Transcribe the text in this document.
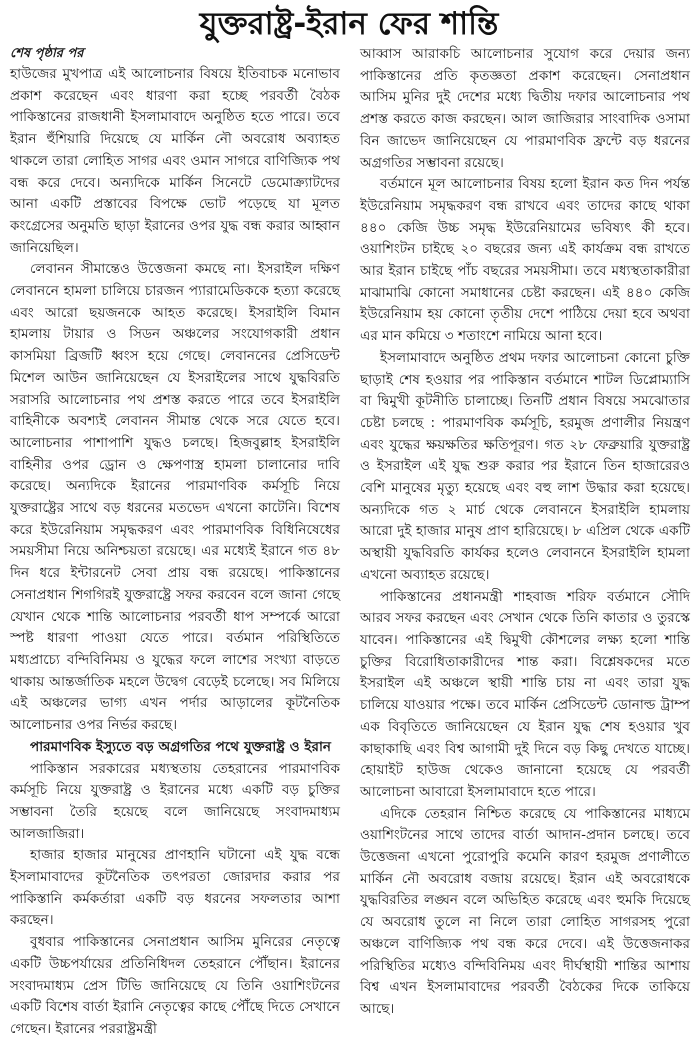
যুক্তরাষ্ট্র-ইরান ফের শান্তি
শেষ পৃষ্ঠার পর

হাউজের মুখপাত্র এই আলোচনার বিষয়ে ইতিবাচক মনোভাব প্রকাশ করেছেন এবং ধারণা করা হচ্ছে পরবর্তী বৈঠক পাকিস্তানের রাজধানী ইসলামাবাদে অনুষ্ঠিত হতে পারে। তবে ইরান হুঁশিয়ারি দিয়েছে যে মার্কিন নৌ অবরোধ অব্যাহত থাকলে তারা লোহিত সাগর এবং ওমান সাগরে বাণিজ্যিক পথ বন্ধ করে দেবে। অন্যদিকে মার্কিন সিনেটে ডেমোক্র্যাটদের আনা একটি প্রস্তাবের বিপক্ষে ভোট পড়েছে যা মূলত কংগ্রেসের অনুমতি ছাড়া ইরানের ওপর যুদ্ধ বন্ধ করার আহ্বান জানিয়েছিল।

লেবানন সীমান্তেও উত্তেজনা কমছে না। ইসরাইল দক্ষিণ লেবাননে হামলা চালিয়ে চারজন প্যারামেডিককে হত্যা করেছে এবং আরো ছয়জনকে আহত করেছে। ইসরাইলি বিমান হামলায় টায়ার ও সিডন অঞ্চলের সংযোগকারী প্রধান কাসমিয়া ব্রিজটি ধ্বংস হয়ে গেছে। লেবাননের প্রেসিডেন্ট মিশেল আউন জানিয়েছেন যে ইসরাইলের সাথে যুদ্ধবিরতি সরাসরি আলোচনার পথ প্রশস্ত করতে পারে তবে ইসরাইলি বাহিনীকে অবশ্যই লেবানন সীমান্ত থেকে সরে যেতে হবে। আলোচনার পাশাপাশি যুদ্ধও চলছে। হিজবুল্লাহ ইসরাইলি বাহিনীর ওপর ড্রোন ও ক্ষেপণাস্ত্র হামলা চালানোর দাবি করেছে। অন্যদিকে ইরানের পারমাণবিক কর্মসূচি নিয়ে যুক্তরাষ্ট্রের সাথে বড় ধরনের মতভেদ এখনো কাটেনি। বিশেষ করে ইউরেনিয়াম সমৃদ্ধকরণ এবং পারমাণবিক বিধিনিষেধের সময়সীমা নিয়ে অনিশ্চয়তা রয়েছে। এর মধ্যেই ইরানে গত ৪৮ দিন ধরে ইন্টারনেট সেবা প্রায় বন্ধ রয়েছে। পাকিস্তানের সেনাপ্রধান শিগগিরই যুক্তরাষ্ট্রে সফর করবেন বলে জানা গেছে যেখান থেকে শান্তি আলোচনার পরবর্তী ধাপ সম্পর্কে আরো স্পষ্ট ধারণা পাওয়া যেতে পারে। বর্তমান পরিস্থিতিতে মধ্যপ্রাচ্যে বন্দিবিনিময় ও যুদ্ধের ফলে লাশের সংখ্যা বাড়তে থাকায় আন্তর্জাতিক মহলে উদ্বেগ বেড়েই চলেছে। সব মিলিয়ে এই অঞ্চলের ভাগ্য এখন পর্দার আড়ালের কূটনৈতিক আলোচনার ওপর নির্ভর করছে।

পারমাণবিক ইস্যুতে বড় অগ্রগতির পথে যুক্তরাষ্ট্র ও ইরান

পাকিস্তান সরকারের মধ্যস্থতায় তেহরানের পারমাণবিক কর্মসূচি নিয়ে যুক্তরাষ্ট্র ও ইরানের মধ্যে একটি বড় চুক্তির সম্ভাবনা তৈরি হয়েছে বলে জানিয়েছে সংবাদমাধ্যম আলজাজিরা।

হাজার হাজার মানুষের প্রাণহানি ঘটানো এই যুদ্ধ বন্ধে ইসলামাবাদের কূটনৈতিক তৎপরতা জোরদার করার পর পাকিস্তানি কর্মকর্তারা একটি বড় ধরনের সফলতার আশা করছেন।

বুধবার পাকিস্তানের সেনাপ্রধান আসিম মুনিরের নেতৃত্বে একটি উচ্চপর্যায়ের প্রতিনিধিদল তেহরানে পৌঁছান। ইরানের সংবাদমাধ্যম প্রেস টিভি জানিয়েছে যে তিনি ওয়াশিংটনের একটি বিশেষ বার্তা ইরানি নেতৃত্বের কাছে পৌঁছে দিতে সেখানে গেছেন। ইরানের পররাষ্ট্রমন্ত্রী

আব্বাস আরাকচি আলোচনার সুযোগ করে দেয়ার জন্য পাকিস্তানের প্রতি কৃতজ্ঞতা প্রকাশ করেছেন। সেনাপ্রধান আসিম মুনির দুই দেশের মধ্যে দ্বিতীয় দফার আলোচনার পথ প্রশস্ত করতে কাজ করছেন। আল জাজিরার সাংবাদিক ওসামা বিন জাভেদ জানিয়েছেন যে পারমাণবিক ফ্রন্টে বড় ধরনের অগ্রগতির সম্ভাবনা রয়েছে।

বর্তমানে মূল আলোচনার বিষয় হলো ইরান কত দিন পর্যন্ত ইউরেনিয়াম সমৃদ্ধকরণ বন্ধ রাখবে এবং তাদের কাছে থাকা ৪৪০ কেজি উচ্চ সমৃদ্ধ ইউরেনিয়ামের ভবিষ্যৎ কী হবে। ওয়াশিংটন চাইছে ২০ বছরের জন্য এই কার্যক্রম বন্ধ রাখতে আর ইরান চাইছে পাঁচ বছরের সময়সীমা। তবে মধ্যস্থতাকারীরা মাঝামাঝি কোনো সমাধানের চেষ্টা করছেন। এই ৪৪০ কেজি ইউরেনিয়াম হয় কোনো তৃতীয় দেশে পাঠিয়ে দেয়া হবে অথবা এর মান কমিয়ে ৩ শতাংশে নামিয়ে আনা হবে।

ইসলামাবাদে অনুষ্ঠিত প্রথম দফার আলোচনা কোনো চুক্তি ছাড়াই শেষ হওয়ার পর পাকিস্তান বর্তমানে শাটল ডিপ্লোম্যাসি বা দ্বিমুখী কূটনীতি চালাচ্ছে। তিনটি প্রধান বিষয়ে সমঝোতার চেষ্টা চলছে : পারমাণবিক কর্মসূচি, হরমুজ প্রণালীর নিয়ন্ত্রণ এবং যুদ্ধের ক্ষয়ক্ষতির ক্ষতিপূরণ। গত ২৮ ফেব্রুয়ারি যুক্তরাষ্ট্র ও ইসরাইল এই যুদ্ধ শুরু করার পর ইরানে তিন হাজারেরও বেশি মানুষের মৃত্যু হয়েছে এবং বহু লাশ উদ্ধার করা হয়েছে। অন্যদিকে গত ২ মার্চ থেকে লেবাননে ইসরাইলি হামলায় আরো দুই হাজার মানুষ প্রাণ হারিয়েছে। ৮ এপ্রিল থেকে একটি অস্থায়ী যুদ্ধবিরতি কার্যকর হলেও লেবাননে ইসরাইলি হামলা এখনো অব্যাহত রয়েছে।

পাকিস্তানের প্রধানমন্ত্রী শাহবাজ শরিফ বর্তমানে সৌদি আরব সফর করছেন এবং সেখান থেকে তিনি কাতার ও তুরস্কে যাবেন। পাকিস্তানের এই দ্বিমুখী কৌশলের লক্ষ্য হলো শান্তি চুক্তির বিরোধিতাকারীদের শান্ত করা। বিশ্লেষকদের মতে ইসরাইল এই অঞ্চলে স্থায়ী শান্তি চায় না এবং তারা যুদ্ধ চালিয়ে যাওয়ার পক্ষে। তবে মার্কিন প্রেসিডেন্ট ডোনাল্ড ট্রাম্প এক বিবৃতিতে জানিয়েছেন যে ইরান যুদ্ধ শেষ হওয়ার খুব কাছাকাছি এবং বিশ্ব আগামী দুই দিনে বড় কিছু দেখতে যাচ্ছে। হোয়াইট হাউজ থেকেও জানানো হয়েছে যে পরবর্তী আলোচনা আবারো ইসলামাবাদে হতে পারে।

এদিকে তেহরান নিশ্চিত করেছে যে পাকিস্তানের মাধ্যমে ওয়াশিংটনের সাথে তাদের বার্তা আদান-প্রদান চলছে। তবে উত্তেজনা এখনো পুরোপুরি কমেনি কারণ হরমুজ প্রণালীতে মার্কিন নৌ অবরোধ বজায় রয়েছে। ইরান এই অবরোধকে যুদ্ধবিরতির লঙ্ঘন বলে অভিহিত করেছে এবং হুমকি দিয়েছে যে অবরোধ তুলে না নিলে তারা লোহিত সাগরসহ পুরো অঞ্চলে বাণিজ্যিক পথ বন্ধ করে দেবে। এই উত্তেজনাকর পরিস্থিতির মধ্যেও বন্দিবিনিময় এবং দীর্ঘস্থায়ী শান্তির আশায় বিশ্ব এখন ইসলামাবাদের পরবর্তী বৈঠকের দিকে তাকিয়ে আছে।
